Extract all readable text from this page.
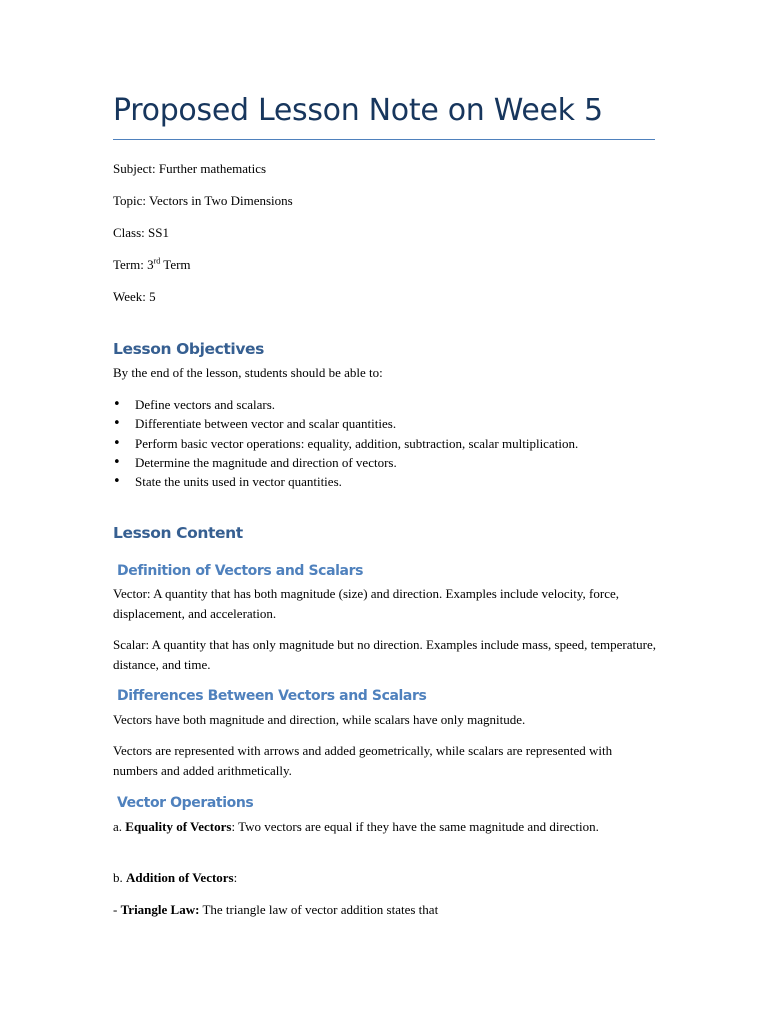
Proposed Lesson Note on Week 5

Subject: Further mathematics

Topic: Vectors in Two Dimensions

Class: SS1

Term: 3rd Term

Week: 5

Lesson Objectives

By the end of the lesson, students should be able to:

• Define vectors and scalars.
• Differentiate between vector and scalar quantities.
• Perform basic vector operations: equality, addition, subtraction, scalar multiplication.
• Determine the magnitude and direction of vectors.
• State the units used in vector quantities.
Lesson Content
Definition of Vectors and Scalars

Vector: A quantity that has both magnitude (size) and direction. Examples include velocity, force, displacement, and acceleration.

Scalar: A quantity that has only magnitude but no direction. Examples include mass, speed, temperature, distance, and time.

Differences Between Vectors and Scalars

Vectors have both magnitude and direction, while scalars have only magnitude.

Vectors are represented with arrows and added geometrically, while scalars are represented with numbers and added arithmetically.

Vector Operations

a. Equality of Vectors: Two vectors are equal if they have the same magnitude and direction.

b. Addition of Vectors:

- Triangle Law: The triangle law of vector addition states that
